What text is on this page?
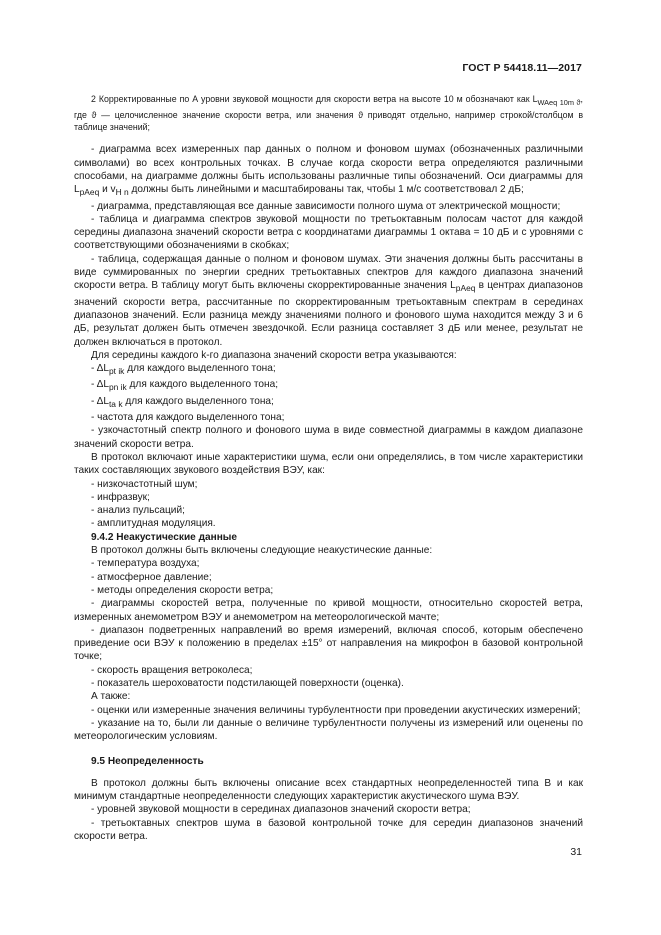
ГОСТ Р 54418.11—2017

2 Корректированные по А уровни звуковой мощности для скорости ветра на высоте 10 м обозначают как $L_{WAeq 10m ϑ}$, где ϑ — целочисленное значение скорости ветра, или значения ϑ приводят отдельно, например строкой/столбцом в таблице значений;

- диаграмма всех измеренных пар данных о полном и фоновом шумах (обозначенных различными символами) во всех контрольных точках. В случае когда скорости ветра определяются различными способами, на диаграмме должны быть использованы различные типы обозначений. Оси диаграммы для $L_{pAeq}$ и $v_{H n}$ должны быть линейными и масштабированы так, чтобы 1 м/с соответствовал 2 дБ;

- диаграмма, представляющая все данные зависимости полного шума от электрической мощности;

- таблица и диаграмма спектров звуковой мощности по третьоктавным полосам частот для каждой середины диапазона значений скорости ветра с координатами диаграммы 1 октава = 10 дБ и с уровнями с соответствующими обозначениями в скобках;

- таблица, содержащая данные о полном и фоновом шумах. Эти значения должны быть рассчитаны в виде суммированных по энергии средних третьоктавных спектров для каждого диапазона значений скорости ветра. В таблицу могут быть включены скорректированные значения $L_{pAeq}$ в центрах диапазонов значений скорости ветра, рассчитанные по скорректированным третьоктавным спектрам в серединах диапазонов значений. Если разница между значениями полного и фонового шума находится между 3 и 6 дБ, результат должен быть отмечен звездочкой. Если разница составляет 3 дБ или менее, результат не должен включаться в протокол.

Для середины каждого k-го диапазона значений скорости ветра указываются:

- $\Delta L_{pt ik}$ для каждого выделенного тона;

- $\Delta L_{pn ik}$ для каждого выделенного тона;

- $\Delta L_{ta k}$ для каждого выделенного тона;

- частота для каждого выделенного тона;

- узкочастотный спектр полного и фонового шума в виде совместной диаграммы в каждом диапазоне значений скорости ветра.

В протокол включают иные характеристики шума, если они определялись, в том числе характеристики таких составляющих звукового воздействия ВЭУ, как:

- низкочастотный шум;

- инфразвук;

- анализ пульсаций;

- амплитудная модуляция.

9.4.2 Неакустические данные

В протокол должны быть включены следующие неакустические данные:

- температура воздуха;

- атмосферное давление;

- методы определения скорости ветра;

- диаграммы скоростей ветра, полученные по кривой мощности, относительно скоростей ветра, измеренных анемометром ВЭУ и анемометром на метеорологической мачте;

- диапазон подветренных направлений во время измерений, включая способ, которым обеспечено приведение оси ВЭУ к положению в пределах ±15° от направления на микрофон в базовой контрольной точке;

- скорость вращения ветроколеса;

- показатель шероховатости подстилающей поверхности (оценка).

А также:

- оценки или измеренные значения величины турбулентности при проведении акустических измерений;

- указание на то, были ли данные о величине турбулентности получены из измерений или оценены по метеорологическим условиям.

9.5 Неопределенность

В протокол должны быть включены описание всех стандартных неопределенностей типа В и как минимум стандартные неопределенности следующих характеристик акустического шума ВЭУ.

- уровней звуковой мощности в серединах диапазонов значений скорости ветра;

- третьоктавных спектров шума в базовой контрольной точке для середин диапазонов значений скорости ветра.

31
